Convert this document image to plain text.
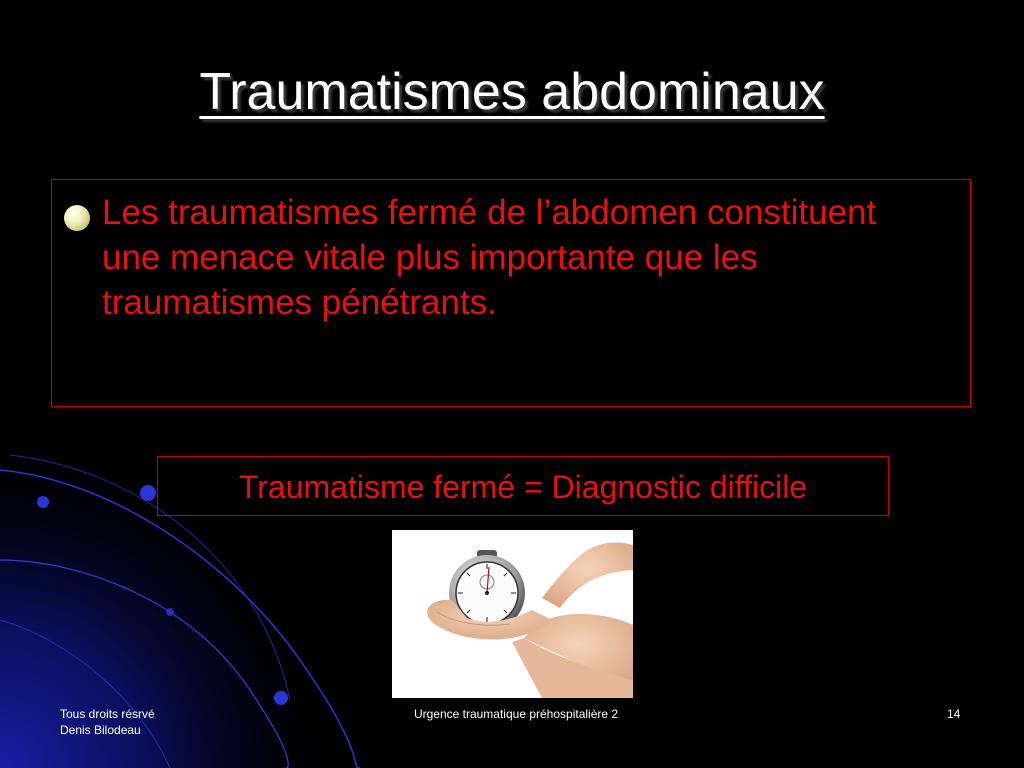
Traumatismes abdominaux
Les traumatismes fermé de l’abdomen constituent une menace vitale plus importante que les traumatismes pénétrants.
Traumatisme fermé = Diagnostic difficile
Tous droits résrvé
Denis Bilodeau
Urgence traumatique préhospitalière 2	14
